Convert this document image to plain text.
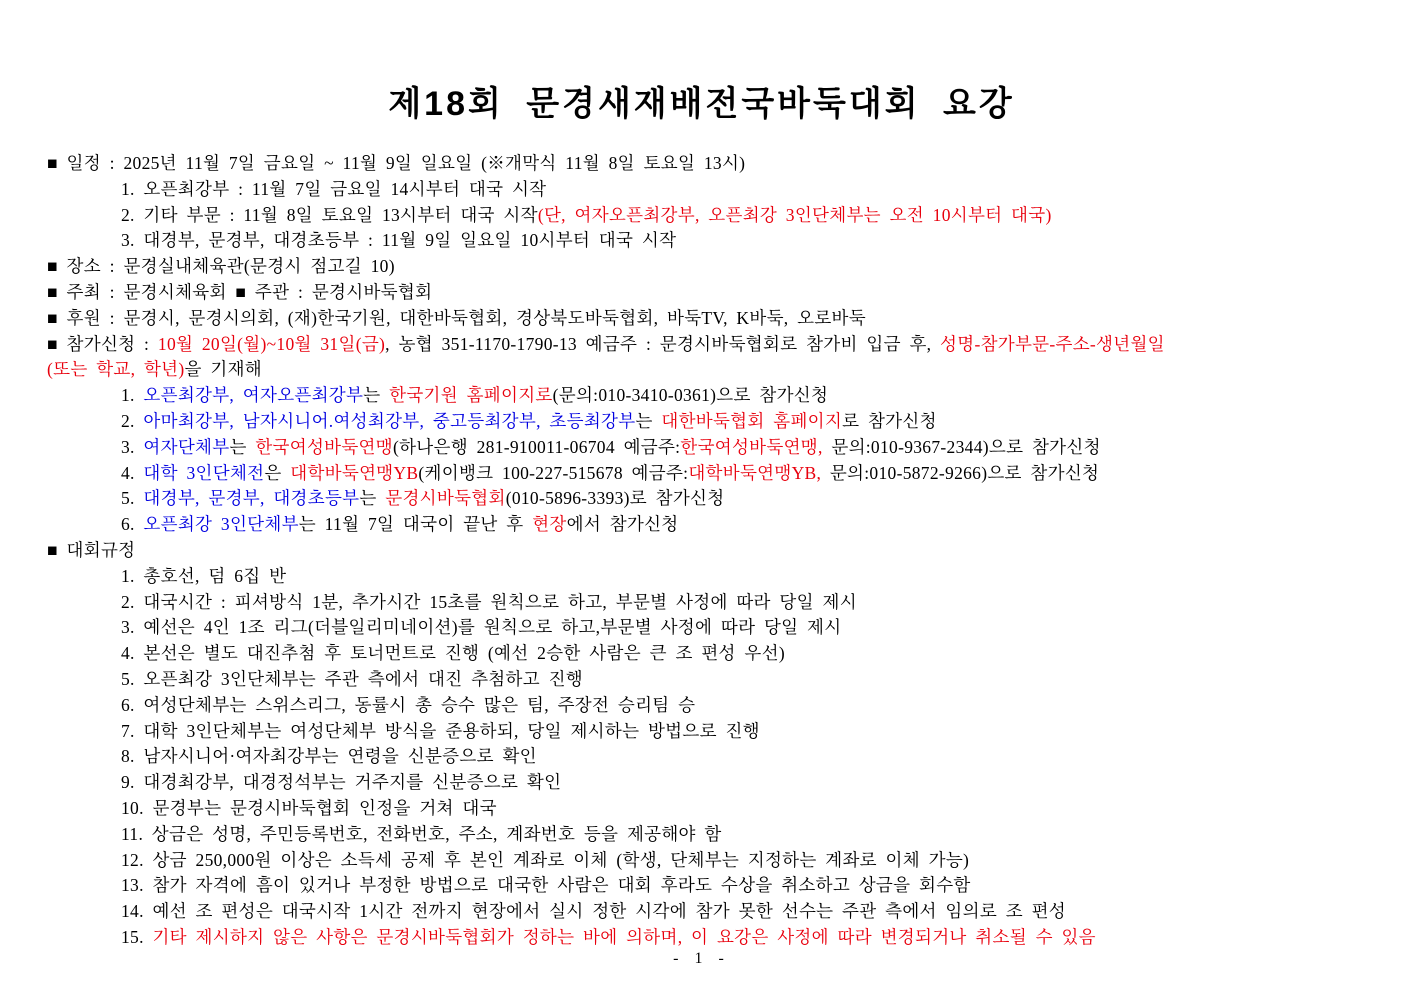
제18회 문경새재배전국바둑대회 요강
■ 일정 : 2025년 11월 7일 금요일 ~ 11월 9일 일요일 (※개막식 11월 8일 토요일 13시)
1. 오픈최강부 : 11월 7일 금요일 14시부터 대국 시작
2. 기타 부문 : 11월 8일 토요일 13시부터 대국 시작(단, 여자오픈최강부, 오픈최강 3인단체부는 오전 10시부터 대국)
3. 대경부, 문경부, 대경초등부 : 11월 9일 일요일 10시부터 대국 시작
■ 장소 : 문경실내체육관(문경시 점고길 10)
■ 주최 : 문경시체육회 ■ 주관 : 문경시바둑협회
■ 후원 : 문경시, 문경시의회, (재)한국기원, 대한바둑협회, 경상북도바둑협회, 바둑TV, K바둑, 오로바둑
■ 참가신청 : 10월 20일(월)~10월 31일(금), 농협 351-1170-1790-13 예금주 : 문경시바둑협회로 참가비 입금 후, 성명-참가부문-주소-생년월일
(또는 학교, 학년)을 기재해
1. 오픈최강부, 여자오픈최강부는 한국기원 홈페이지로(문의:010-3410-0361)으로 참가신청
2. 아마최강부, 남자시니어.여성최강부, 중고등최강부, 초등최강부는 대한바둑협회 홈페이지로 참가신청
3. 여자단체부는 한국여성바둑연맹(하나은행 281-910011-06704 예금주:한국여성바둑연맹, 문의:010-9367-2344)으로 참가신청
4. 대학 3인단체전은 대학바둑연맹YB(케이뱅크 100-227-515678 예금주:대학바둑연맹YB, 문의:010-5872-9266)으로 참가신청
5. 대경부, 문경부, 대경초등부는 문경시바둑협회(010-5896-3393)로 참가신청
6. 오픈최강 3인단체부는 11월 7일 대국이 끝난 후 현장에서 참가신청
■ 대회규정
1. 총호선, 덤 6집 반
2. 대국시간 : 피셔방식 1분, 추가시간 15초를 원칙으로 하고, 부문별 사정에 따라 당일 제시
3. 예선은 4인 1조 리그(더블일리미네이션)를 원칙으로 하고,부문별 사정에 따라 당일 제시
4. 본선은 별도 대진추첨 후 토너먼트로 진행 (예선 2승한 사람은 큰 조 편성 우선)
5. 오픈최강 3인단체부는 주관 측에서 대진 추첨하고 진행
6. 여성단체부는 스위스리그, 동률시 총 승수 많은 팀, 주장전 승리팀 승
7. 대학 3인단체부는 여성단체부 방식을 준용하되, 당일 제시하는 방법으로 진행
8. 남자시니어·여자최강부는 연령을 신분증으로 확인
9. 대경최강부, 대경정석부는 거주지를 신분증으로 확인
10. 문경부는 문경시바둑협회 인정을 거쳐 대국
11. 상금은 성명, 주민등록번호, 전화번호, 주소, 계좌번호 등을 제공해야 함
12. 상금 250,000원 이상은 소득세 공제 후 본인 계좌로 이체 (학생, 단체부는 지정하는 계좌로 이체 가능)
13. 참가 자격에 흠이 있거나 부정한 방법으로 대국한 사람은 대회 후라도 수상을 취소하고 상금을 회수함
14. 예선 조 편성은 대국시작 1시간 전까지 현장에서 실시 정한 시각에 참가 못한 선수는 주관 측에서 임의로 조 편성
15. 기타 제시하지 않은 사항은 문경시바둑협회가 정하는 바에 의하며, 이 요강은 사정에 따라 변경되거나 취소될 수 있음
- 1 -
